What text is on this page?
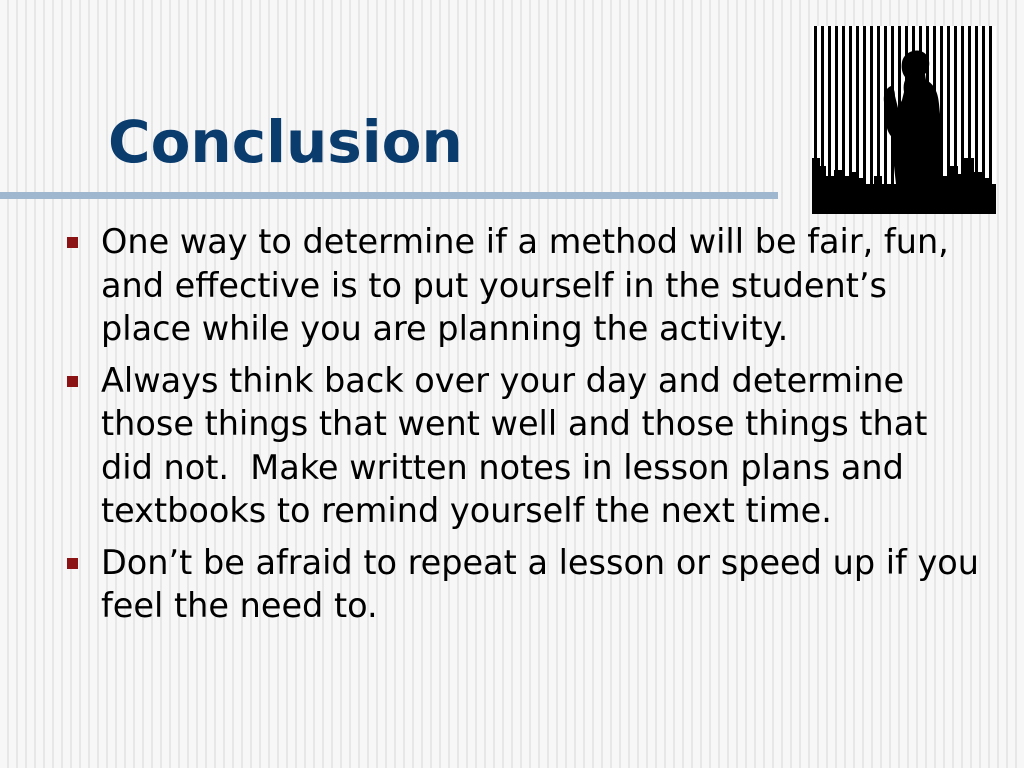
Conclusion
One way to determine if a method will be fair, fun, and effective is to put yourself in the student’s place while you are planning the activity.
Always think back over your day and determine those things that went well and those things that did not.  Make written notes in lesson plans and textbooks to remind yourself the next time.
Don’t be afraid to repeat a lesson or speed up if you feel the need to.
